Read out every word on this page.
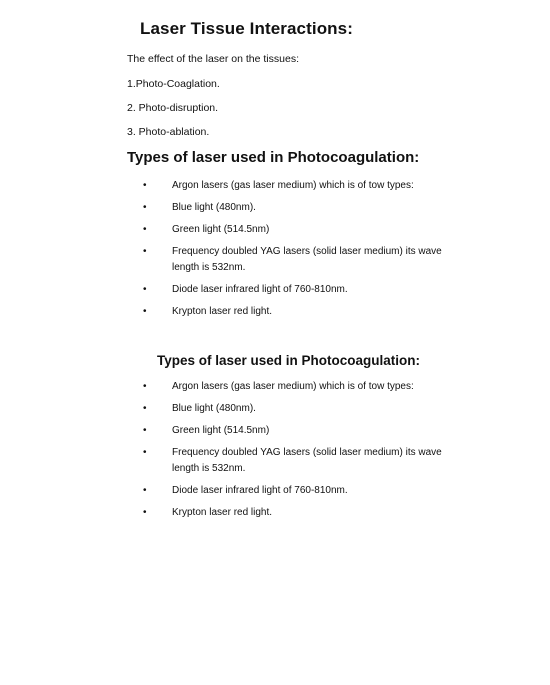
Laser Tissue Interactions:
The effect of the laser on the tissues:
1.Photo-Coaglation.
2. Photo-disruption.
3. Photo-ablation.
Types of laser used in Photocoagulation:
•	Argon lasers (gas laser medium) which is of tow types:
•	Blue light (480nm).
•	Green light (514.5nm)
•	Frequency doubled YAG lasers (solid laser medium) its wave length is 532nm.
•	Diode laser infrared light of 760-810nm.
•	Krypton laser red light.
Types of laser used in Photocoagulation:
•	Argon lasers (gas laser medium) which is of tow types:
•	Blue light (480nm).
•	Green light (514.5nm)
•	Frequency doubled YAG lasers (solid laser medium) its wave length is 532nm.
•	Diode laser infrared light of 760-810nm.
•	Krypton laser red light.
